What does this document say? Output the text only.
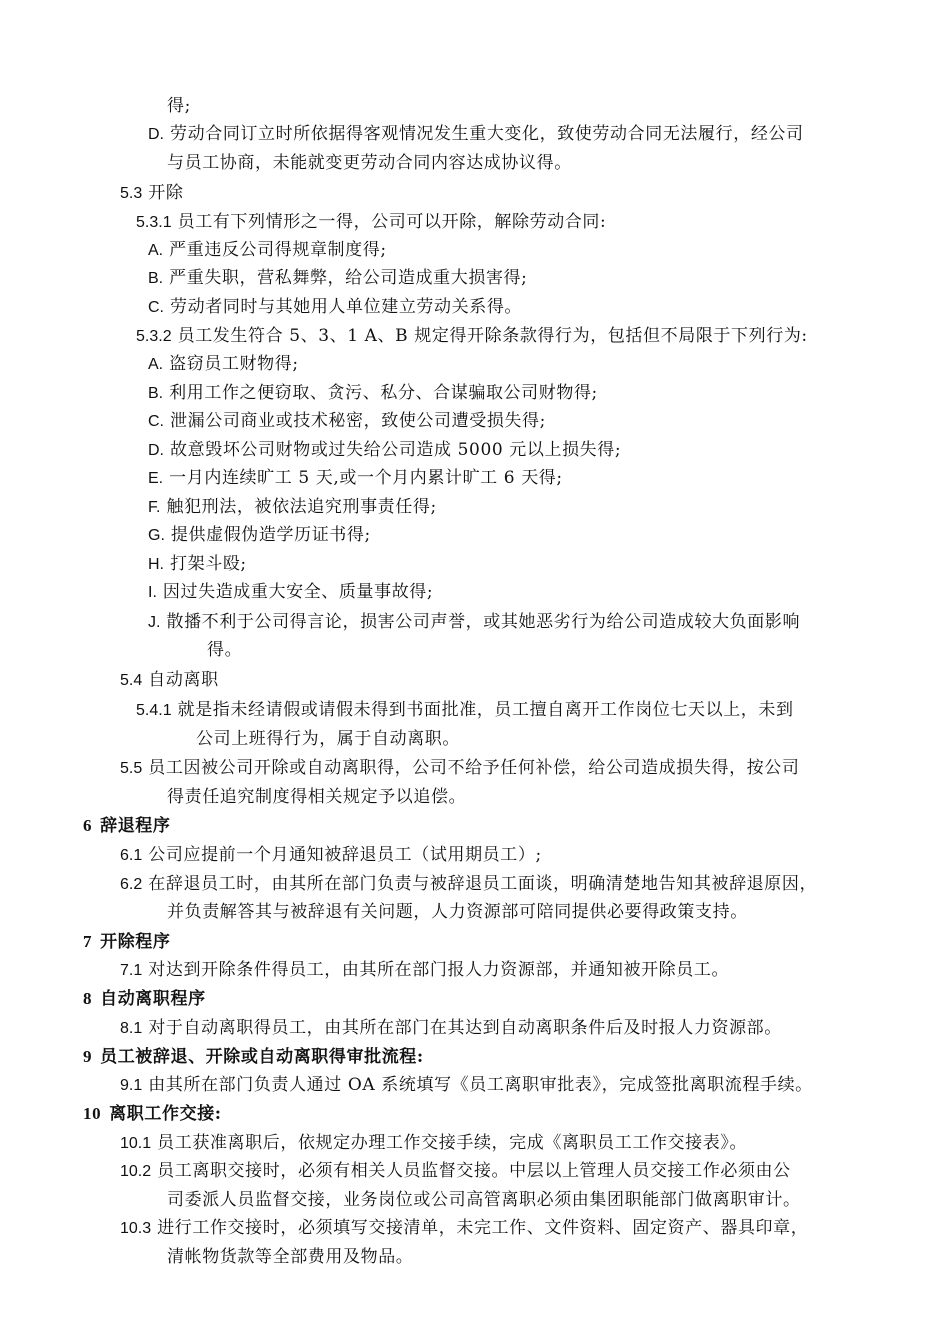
得;
D. 劳动合同订立时所依据得客观情况发生重大变化，致使劳动合同无法履行，经公司
与员工协商，未能就变更劳动合同内容达成协议得。
5.3 开除
5.3.1 员工有下列情形之一得，公司可以开除，解除劳动合同:
A. 严重违反公司得规章制度得;
B. 严重失职，营私舞弊，给公司造成重大损害得;
C. 劳动者同时与其她用人单位建立劳动关系得。
5.3.2 员工发生符合 5、3、1 A、B 规定得开除条款得行为，包括但不局限于下列行为:
A. 盗窃员工财物得;
B. 利用工作之便窃取、贪污、私分、合谋骗取公司财物得;
C. 泄漏公司商业或技术秘密，致使公司遭受损失得;
D. 故意毁坏公司财物或过失给公司造成 5000 元以上损失得;
E. 一月内连续旷工 5 天,或一个月内累计旷工 6 天得;
F. 触犯刑法，被依法追究刑事责任得;
G. 提供虚假伪造学历证书得;
H. 打架斗殴;
I. 因过失造成重大安全、质量事故得;
J. 散播不利于公司得言论，损害公司声誉，或其她恶劣行为给公司造成较大负面影响
得。
5.4 自动离职
5.4.1 就是指未经请假或请假未得到书面批准，员工擅自离开工作岗位七天以上，未到
公司上班得行为，属于自动离职。
5.5 员工因被公司开除或自动离职得，公司不给予任何补偿，给公司造成损失得，按公司
得责任追究制度得相关规定予以追偿。
6 辞退程序
6.1 公司应提前一个月通知被辞退员工（试用期员工）;
6.2 在辞退员工时，由其所在部门负责与被辞退员工面谈，明确清楚地告知其被辞退原因，
并负责解答其与被辞退有关问题，人力资源部可陪同提供必要得政策支持。
7 开除程序
7.1 对达到开除条件得员工，由其所在部门报人力资源部，并通知被开除员工。
8 自动离职程序
8.1 对于自动离职得员工，由其所在部门在其达到自动离职条件后及时报人力资源部。
9 员工被辞退、开除或自动离职得审批流程:
9.1 由其所在部门负责人通过 OA 系统填写《员工离职审批表》，完成签批离职流程手续。
10 离职工作交接:
10.1 员工获准离职后，依规定办理工作交接手续，完成《离职员工工作交接表》。
10.2 员工离职交接时，必须有相关人员监督交接。中层以上管理人员交接工作必须由公
司委派人员监督交接，业务岗位或公司高管离职必须由集团职能部门做离职审计。
10.3 进行工作交接时，必须填写交接清单，未完工作、文件资料、固定资产、器具印章，
清帐物货款等全部费用及物品。
